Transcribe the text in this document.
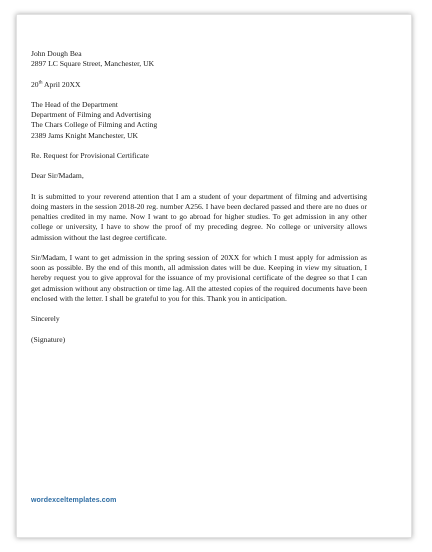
John Dough Bea
2897 LC Square Street, Manchester, UK

20th April 20XX

The Head of the Department
Department of Filming and Advertising
The Chars College of Filming and Acting
2389 Jams Knight Manchester, UK

Re. Request for Provisional Certificate

Dear Sir/Madam,

It is submitted to your reverend attention that I am a student of your department of filming and advertising doing masters in the session 2018-20 reg. number A256. I have been declared passed and there are no dues or penalties credited in my name. Now I want to go abroad for higher studies. To get admission in any other college or university, I have to show the proof of my preceding degree. No college or university allows admission without the last degree certificate.

Sir/Madam, I want to get admission in the spring session of 20XX for which I must apply for admission as soon as possible. By the end of this month, all admission dates will be due. Keeping in view my situation, I hereby request you to give approval for the issuance of my provisional certificate of the degree so that I can get admission without any obstruction or time lag. All the attested copies of the required documents have been enclosed with the letter. I shall be grateful to you for this. Thank you in anticipation.

Sincerely

(Signature)

wordexceltemplates.com
